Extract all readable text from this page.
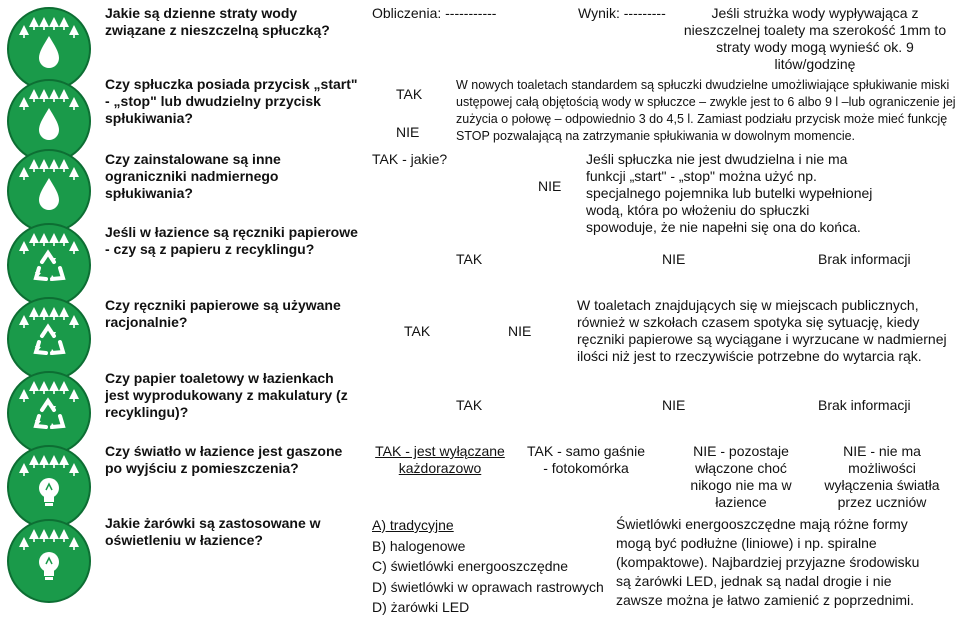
Jakie są dzienne straty wody związane z nieszczelną spłuczką?
Obliczenia: -----------	Wynik: ---------	Jeśli strużka wody wypływająca z nieszczelnej toalety ma szerokość 1mm to straty wody mogą wynieść ok. 9 litów/godzinę
Czy spłuczka posiada przycisk „start" - „stop" lub dwudzielny przycisk spłukiwania?
TAK
NIE
W nowych toaletach standardem są spłuczki dwudzielne umożliwiające spłukiwanie miski ustępowej całą objętością wody w spłuczce – zwykle jest to 6 albo 9 l –lub ograniczenie jej zużycia o połowę – odpowiednio 3 do 4,5 l. Zamiast podziału przycisk może mieć funkcję STOP pozwalającą na zatrzymanie spłukiwania w dowolnym momencie.
Czy zainstalowane są inne ograniczniki nadmiernego spłukiwania?
TAK - jakie?
NIE
Jeśli spłuczka nie jest dwudzielna i nie ma funkcji „start" - „stop" można użyć np. specjalnego pojemnika lub butelki wypełnionej wodą, która po włożeniu do spłuczki spowoduje, że nie napełni się ona do końca.
Jeśli w łazience są ręczniki papierowe - czy są z papieru z recyklingu?
TAK	NIE	Brak informacji
Czy ręczniki papierowe są używane racjonalnie?
TAK	NIE
W toaletach znajdujących się w miejscach publicznych, również w szkołach czasem spotyka się sytuację, kiedy ręczniki papierowe są wyciągane i wyrzucane w nadmiernej ilości niż jest to rzeczywiście potrzebne do wytarcia rąk.
Czy papier toaletowy w łazienkach jest wyprodukowany z makulatury (z recyklingu)?	TAK	NIE	Brak informacji
Czy światło w łazience jest gaszone po wyjściu z pomieszczenia?
TAK - jest wyłączane każdorazowo
TAK - samo gaśnie - fotokomórka
NIE - pozostaje włączone choć nikogo nie ma w łazience
NIE - nie ma możliwości wyłączenia światła przez uczniów
Jakie żarówki są zastosowane w oświetleniu w łazience?
A) tradycyjne
B) halogenowe
C) świetlówki energooszczędne
D) świetlówki w oprawach rastrowych
D) żarówki LED
Świetlówki energooszczędne mają różne formy mogą być podłużne (liniowe) i np. spiralne (kompaktowe). Najbardziej przyjazne środowisku są żarówki LED, jednak są nadal drogie i nie zawsze można je łatwo zamienić z poprzednimi.
